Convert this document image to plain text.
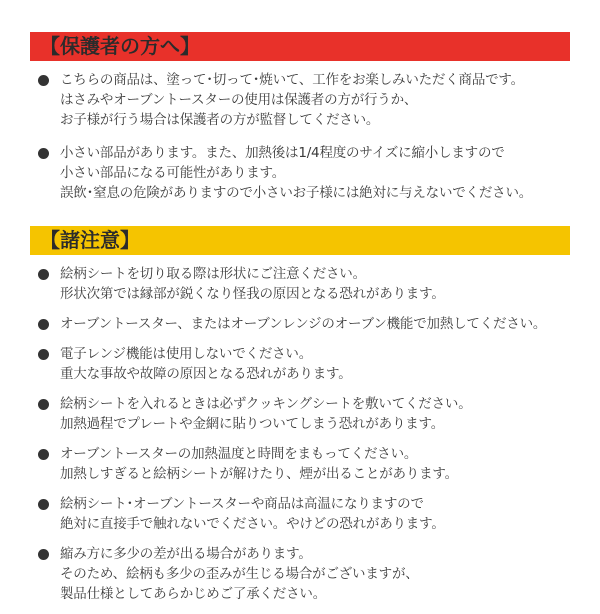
【保護者の方へ】
こちらの商品は、塗って･切って･焼いて、工作をお楽しみいただく商品です。
はさみやオーブントースターの使用は保護者の方が行うか、
お子様が行う場合は保護者の方が監督してください。
小さい部品があります。また、加熱後は1/4程度のサイズに縮小しますので
小さい部品になる可能性があります。
誤飲･窒息の危険がありますので小さいお子様には絶対に与えないでください。
【諸注意】
絵柄シートを切り取る際は形状にご注意ください。
形状次第では縁部が鋭くなり怪我の原因となる恐れがあります。
オーブントースター、またはオーブンレンジのオーブン機能で加熱してください。
電子レンジ機能は使用しないでください。
重大な事故や故障の原因となる恐れがあります。
絵柄シートを入れるときは必ずクッキングシートを敷いてください。
加熱過程でプレートや金網に貼りついてしまう恐れがあります。
オーブントースターの加熱温度と時間をまもってください。
加熱しすぎると絵柄シートが解けたり、煙が出ることがあります。
絵柄シート･オーブントースターや商品は高温になりますので
絶対に直接手で触れないでください。やけどの恐れがあります。
縮み方に多少の差が出る場合があります。
そのため、絵柄も多少の歪みが生じる場合がございますが、
製品仕様としてあらかじめご了承ください。
